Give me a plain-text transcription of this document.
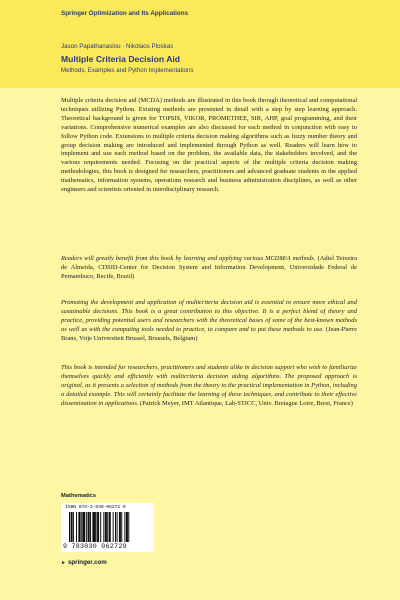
Springer Optimization and Its Applications
Jason Papathanasiou · Nikolaos Ploskas
Multiple Criteria Decision Aid
Methods, Examples and Python Implementations
Multiple criteria decision aid (MCDA) methods are illustrated in this book through theoretical and computational techniques utilizing Python. Existing methods are presented in detail with a step by step learning approach. Theoretical background is given for TOPSIS, VIKOR, PROMETHEE, SIR, AHP, goal programming, and their variations. Comprehensive numerical examples are also discussed for each method in conjunction with easy to follow Python code. Extensions to multiple criteria decision making algorithms such as fuzzy number theory and group decision making are introduced and implemented through Python as well. Readers will learn how to implement and use each method based on the problem, the available data, the stakeholders involved, and the various requirements needed. Focusing on the practical aspects of the multiple criteria decision making methodologies, this book is designed for researchers, practitioners and advanced graduate students in the applied mathematics, information systems, operations research and business administration disciplines, as well as other engineers and scientists oriented in interdisciplinary research.
Readers will greatly benefit from this book by learning and applying various MCDM/A methods. (Adiel Teixeira de Almeida, CDSID-Center for Decision System and Information Development, Universidade Federal de Pernambuco, Recife, Brazil)
Promoting the development and application of multicriteria decision aid is essential to ensure more ethical and sustainable decisions. This book is a great contribution to this objective. It is a perfect blend of theory and practice, providing potential users and researchers with the theoretical bases of some of the best-known methods as well as with the computing tools needed to practice, to compare and to put these methods to use. (Jean-Pierre Brans, Vrije Universiteit Brussel, Brussels, Belgium)
This book is intended for researchers, practitioners and students alike in decision support who wish to familiarize themselves quickly and efficiently with multicriteria decision aiding algorithms. The proposed approach is original, as it presents a selection of methods from the theory to the practical implementation in Python, including a detailed example. This will certainly facilitate the learning of these techniques, and contribute to their effective dissemination in applications. (Patrick Meyer, IMT Atlantique, Lab-STICC, Univ. Bretagne Loire, Brest, France)
Mathematics
ISBN 978-3-030-06272-9
9 783030 062729
► springer.com
